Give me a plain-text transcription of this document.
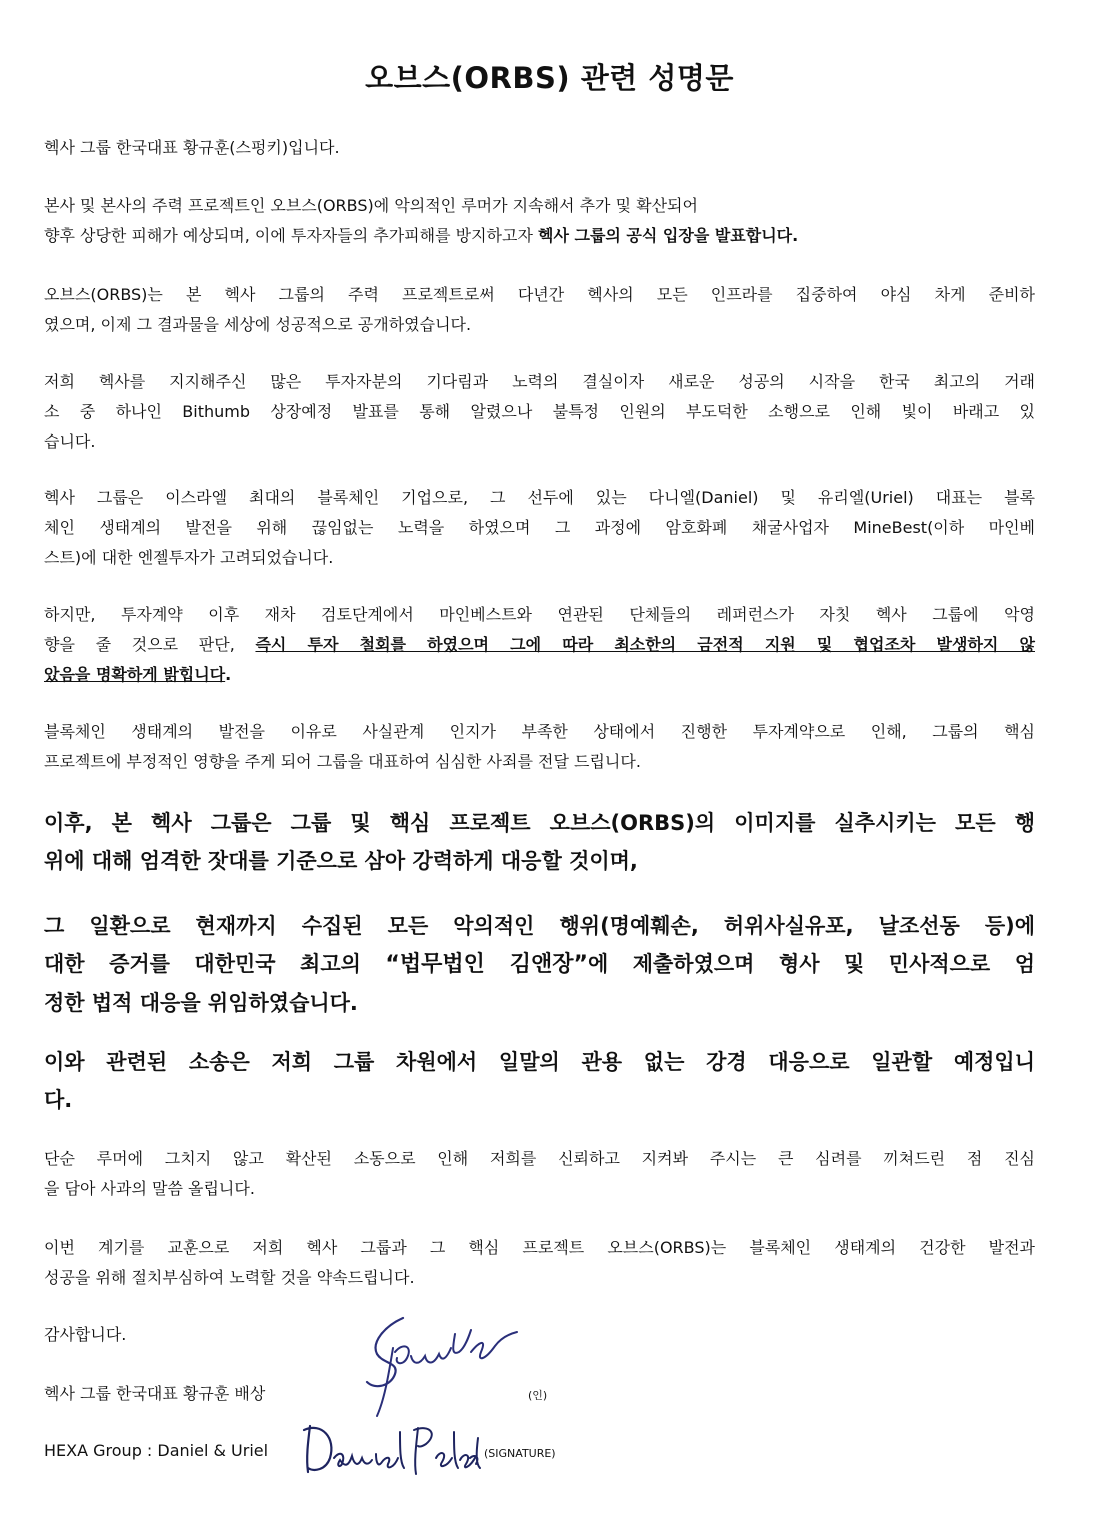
오브스(ORBS) 관련 성명문

헥사 그룹 한국대표 황규훈(스펑키)입니다.

본사 및 본사의 주력 프로젝트인 오브스(ORBS)에 악의적인 루머가 지속해서 추가 및 확산되어
향후 상당한 피해가 예상되며, 이에 투자자들의 추가피해를 방지하고자 헥사 그룹의 공식 입장을 발표합니다.

오브스(ORBS)는 본 헥사 그룹의 주력 프로젝트로써 다년간 헥사의 모든 인프라를 집중하여 야심 차게 준비하
였으며, 이제 그 결과물을 세상에 성공적으로 공개하였습니다.

저희 헥사를 지지해주신 많은 투자자분의 기다림과 노력의 결실이자 새로운 성공의 시작을 한국 최고의 거래
소 중 하나인 Bithumb 상장예정 발표를 통해 알렸으나 불특정 인원의 부도덕한 소행으로 인해 빛이 바래고 있
습니다.

헥사 그룹은 이스라엘 최대의 블록체인 기업으로, 그 선두에 있는 다니엘(Daniel) 및 유리엘(Uriel) 대표는 블록
체인 생태계의 발전을 위해 끊임없는 노력을 하였으며 그 과정에 암호화폐 채굴사업자 MineBest(이하 마인베
스트)에 대한 엔젤투자가 고려되었습니다.

하지만, 투자계약 이후 재차 검토단계에서 마인베스트와 연관된 단체들의 레퍼런스가 자칫 헥사 그룹에 악영
향을 줄 것으로 판단, 즉시 투자 철회를 하였으며 그에 따라 최소한의 금전적 지원 및 협업조차 발생하지 않
았음을 명확하게 밝힙니다.

블록체인 생태계의 발전을 이유로 사실관계 인지가 부족한 상태에서 진행한 투자계약으로 인해, 그룹의 핵심
프로젝트에 부정적인 영향을 주게 되어 그룹을 대표하여 심심한 사죄를 전달 드립니다.

이후, 본 헥사 그룹은 그룹 및 핵심 프로젝트 오브스(ORBS)의 이미지를 실추시키는 모든 행
위에 대해 엄격한 잣대를 기준으로 삼아 강력하게 대응할 것이며,

그 일환으로 현재까지 수집된 모든 악의적인 행위(명예훼손, 허위사실유포, 날조선동 등)에
대한 증거를 대한민국 최고의 “법무법인 김앤장”에 제출하였으며 형사 및 민사적으로 엄
정한 법적 대응을 위임하였습니다.

이와 관련된 소송은 저희 그룹 차원에서 일말의 관용 없는 강경 대응으로 일관할 예정입니
다.

단순 루머에 그치지 않고 확산된 소동으로 인해 저희를 신뢰하고 지켜봐 주시는 큰 심려를 끼쳐드린 점 진심
을 담아 사과의 말씀 올립니다.

이번 계기를 교훈으로 저희 헥사 그룹과 그 핵심 프로젝트 오브스(ORBS)는 블록체인 생태계의 건강한 발전과
성공을 위해 절치부심하여 노력할 것을 약속드립니다.

감사합니다.
헥사 그룹 한국대표 황규훈 배상	(인)
HEXA Group : Daniel & Uriel	(SIGNATURE)
Spunky
Daniel Peled
